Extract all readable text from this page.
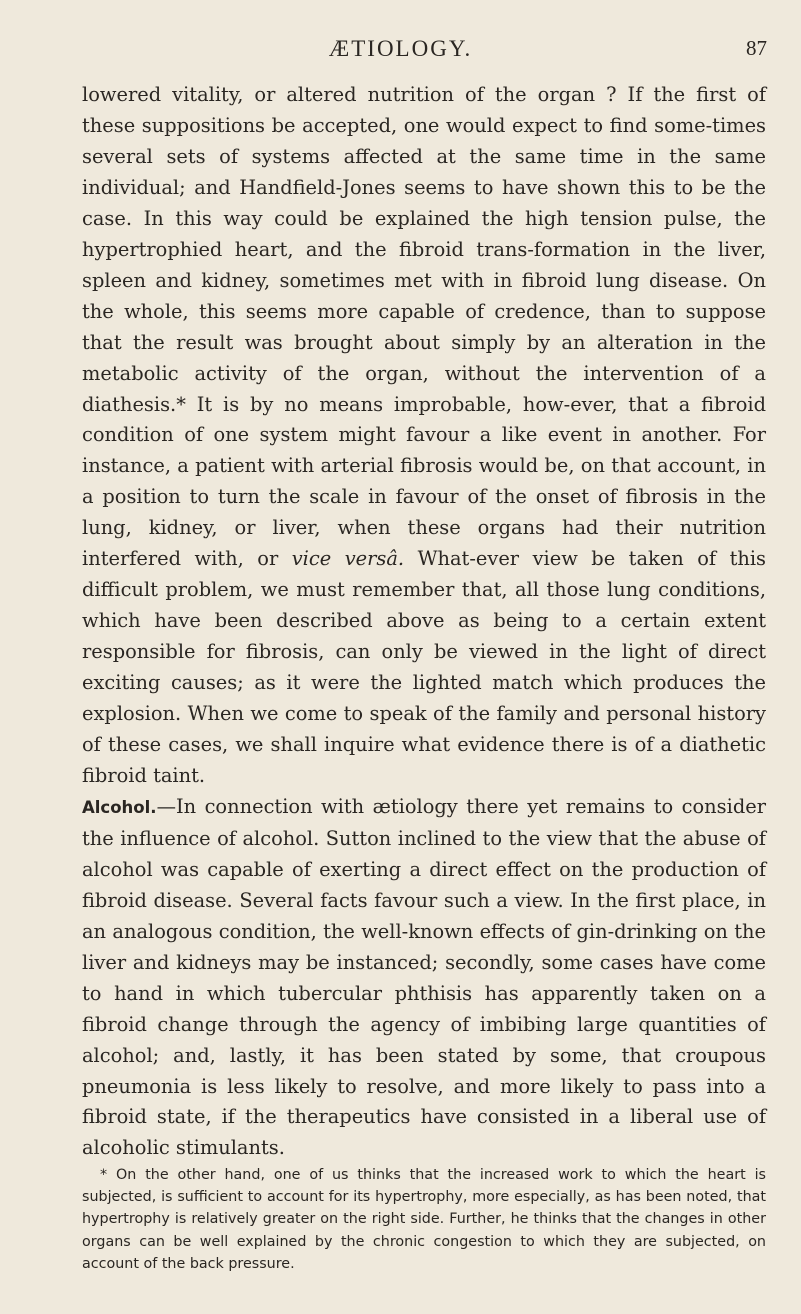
ÆTIOLOGY.	87

lowered vitality, or altered nutrition of the organ ? If the first of these suppositions be accepted, one would expect to find some-times several sets of systems affected at the same time in the same individual; and Handfield-Jones seems to have shown this to be the case. In this way could be explained the high tension pulse, the hypertrophied heart, and the fibroid trans-formation in the liver, spleen and kidney, sometimes met with in fibroid lung disease. On the whole, this seems more capable of credence, than to suppose that the result was brought about simply by an alteration in the metabolic activity of the organ, without the intervention of a diathesis.* It is by no means improbable, how-ever, that a fibroid condition of one system might favour a like event in another. For instance, a patient with arterial fibrosis would be, on that account, in a position to turn the scale in favour of the onset of fibrosis in the lung, kidney, or liver, when these organs had their nutrition interfered with, or vice versâ. What-ever view be taken of this difficult problem, we must remember that, all those lung conditions, which have been described above as being to a certain extent responsible for fibrosis, can only be viewed in the light of direct exciting causes; as it were the lighted match which produces the explosion. When we come to speak of the family and personal history of these cases, we shall inquire what evidence there is of a diathetic fibroid taint.

Alcohol.—In connection with ætiology there yet remains to consider the influence of alcohol. Sutton inclined to the view that the abuse of alcohol was capable of exerting a direct effect on the production of fibroid disease. Several facts favour such a view. In the first place, in an analogous condition, the well-known effects of gin-drinking on the liver and kidneys may be instanced; secondly, some cases have come to hand in which tubercular phthisis has apparently taken on a fibroid change through the agency of imbibing large quantities of alcohol; and, lastly, it has been stated by some, that croupous pneumonia is less likely to resolve, and more likely to pass into a fibroid state, if the therapeutics have consisted in a liberal use of alcoholic stimulants.

* On the other hand, one of us thinks that the increased work to which the heart is subjected, is sufficient to account for its hypertrophy, more especially, as has been noted, that hypertrophy is relatively greater on the right side. Further, he thinks that the changes in other organs can be well explained by the chronic congestion to which they are subjected, on account of the back pressure.
